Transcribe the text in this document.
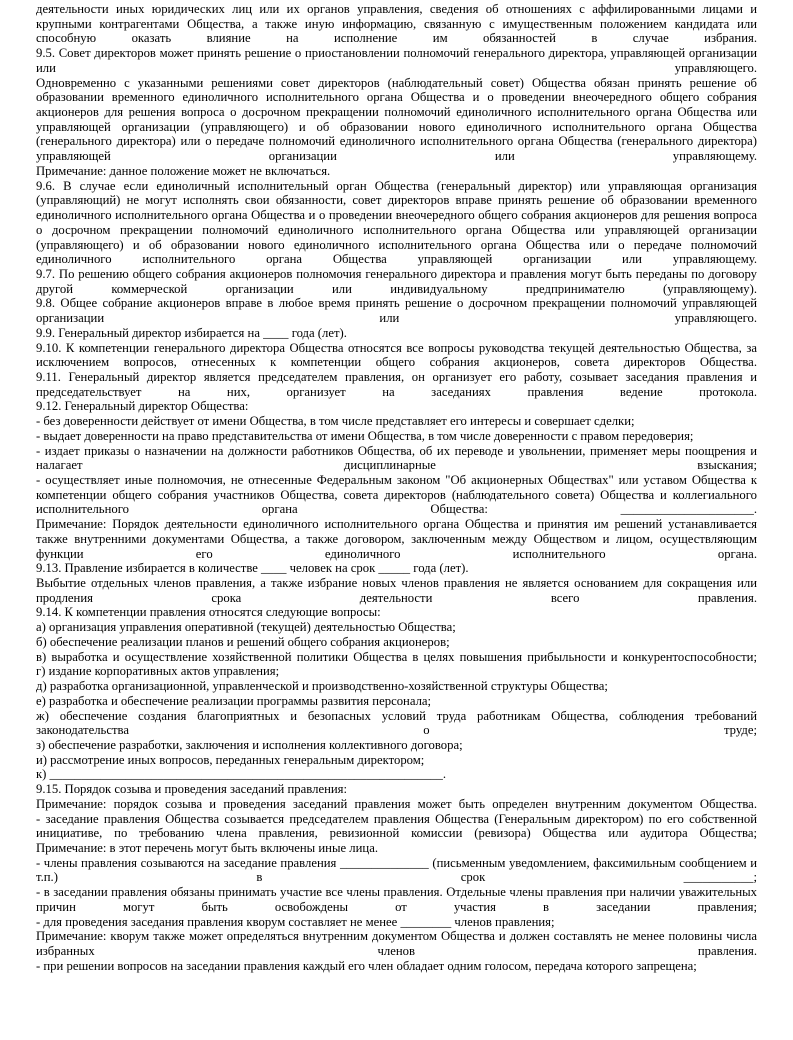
деятельности иных юридических лиц или их органов управления, сведения об отношениях с аффилированными лицами и крупными контрагентами Общества, а также иную информацию, связанную с имущественным положением кандидата или способную оказать влияние на исполнение им обязанностей в случае избрания.

9.5. Совет директоров может принять решение о приостановлении полномочий генерального директора, управляющей организации или управляющего.

Одновременно с указанными решениями совет директоров (наблюдательный совет) Общества обязан принять решение об образовании временного единоличного исполнительного органа Общества и о проведении внеочередного общего собрания акционеров для решения вопроса о досрочном прекращении полномочий единоличного исполнительного органа Общества или управляющей организации (управляющего) и об образовании нового единоличного исполнительного органа Общества (генерального директора) или о передаче полномочий единоличного исполнительного органа Общества (генерального директора) управляющей организации или управляющему.

Примечание: данное положение может не включаться.

9.6. В случае если единоличный исполнительный орган Общества (генеральный директор) или управляющая организация (управляющий) не могут исполнять свои обязанности, совет директоров вправе принять решение об образовании временного единоличного исполнительного органа Общества и о проведении внеочередного общего собрания акционеров для решения вопроса о досрочном прекращении полномочий единоличного исполнительного органа Общества или управляющей организации (управляющего) и об образовании нового единоличного исполнительного органа Общества или о передаче полномочий единоличного исполнительного органа Общества управляющей организации или управляющему.

9.7. По решению общего собрания акционеров полномочия генерального директора и правления могут быть переданы по договору другой коммерческой организации или индивидуальному предпринимателю (управляющему).

9.8. Общее собрание акционеров вправе в любое время принять решение о досрочном прекращении полномочий управляющей организации или управляющего.

9.9. Генеральный директор избирается на ____ года (лет).

9.10. К компетенции генерального директора Общества относятся все вопросы руководства текущей деятельностью Общества, за исключением вопросов, отнесенных к компетенции общего собрания акционеров, совета директоров Общества.

9.11. Генеральный директор является председателем правления, он организует его работу, созывает заседания правления и председательствует на них, организует на заседаниях правления ведение протокола.

9.12. Генеральный директор Общества:

- без доверенности действует от имени Общества, в том числе представляет его интересы и совершает сделки;

- выдает доверенности на право представительства от имени Общества, в том числе доверенности с правом передоверия;

- издает приказы о назначении на должности работников Общества, об их переводе и увольнении, применяет меры поощрения и налагает дисциплинарные взыскания;

- осуществляет иные полномочия, не отнесенные Федеральным законом "Об акционерных Обществах" или уставом Общества к компетенции общего собрания участников Общества, совета директоров (наблюдательного совета) Общества и коллегиального исполнительного органа Общества: _____________________.

Примечание: Порядок деятельности единоличного исполнительного органа Общества и принятия им решений устанавливается также внутренними документами Общества, а также договором, заключенным между Обществом и лицом, осуществляющим функции его единоличного исполнительного органа.

9.13. Правление избирается в количестве ____ человек на срок _____ года (лет).

Выбытие отдельных членов правления, а также избрание новых членов правления не является основанием для сокращения или продления срока деятельности всего правления.

9.14. К компетенции правления относятся следующие вопросы:

а) организация управления оперативной (текущей) деятельностью Общества;

б) обеспечение реализации планов и решений общего собрания акционеров;

в) выработка и осуществление хозяйственной политики Общества в целях повышения прибыльности и конкурентоспособности;

г) издание корпоративных актов управления;

д) разработка организационной, управленческой и производственно-хозяйственной структуры Общества;

е) разработка и обеспечение реализации программы развития персонала;

ж) обеспечение создания благоприятных и безопасных условий труда работникам Общества, соблюдения требований законодательства о труде;

з) обеспечение разработки, заключения и исполнения коллективного договора;

и) рассмотрение иных вопросов, переданных генеральным директором;

к) ______________________________________________________________.

9.15. Порядок созыва и проведения заседаний правления:

Примечание: порядок созыва и проведения заседаний правления может быть определен внутренним документом Общества.

- заседание правления Общества созывается председателем правления Общества (Генеральным директором) по его собственной инициативе, по требованию члена правления, ревизионной комиссии (ревизора) Общества или аудитора Общества;

Примечание: в этот перечень могут быть включены иные лица.

- члены правления созываются на заседание правления ______________ (письменным уведомлением, факсимильным сообщением и т.п.) в срок ___________;

- в заседании правления обязаны принимать участие все члены правления. Отдельные члены правления при наличии уважительных причин могут быть освобождены от участия в заседании правления;

- для проведения заседания правления кворум составляет не менее ________ членов правления;

Примечание: кворум также может определяться внутренним документом Общества и должен составлять не менее половины числа избранных членов правления.

- при решении вопросов на заседании правления каждый его член обладает одним голосом, передача которого запрещена;
